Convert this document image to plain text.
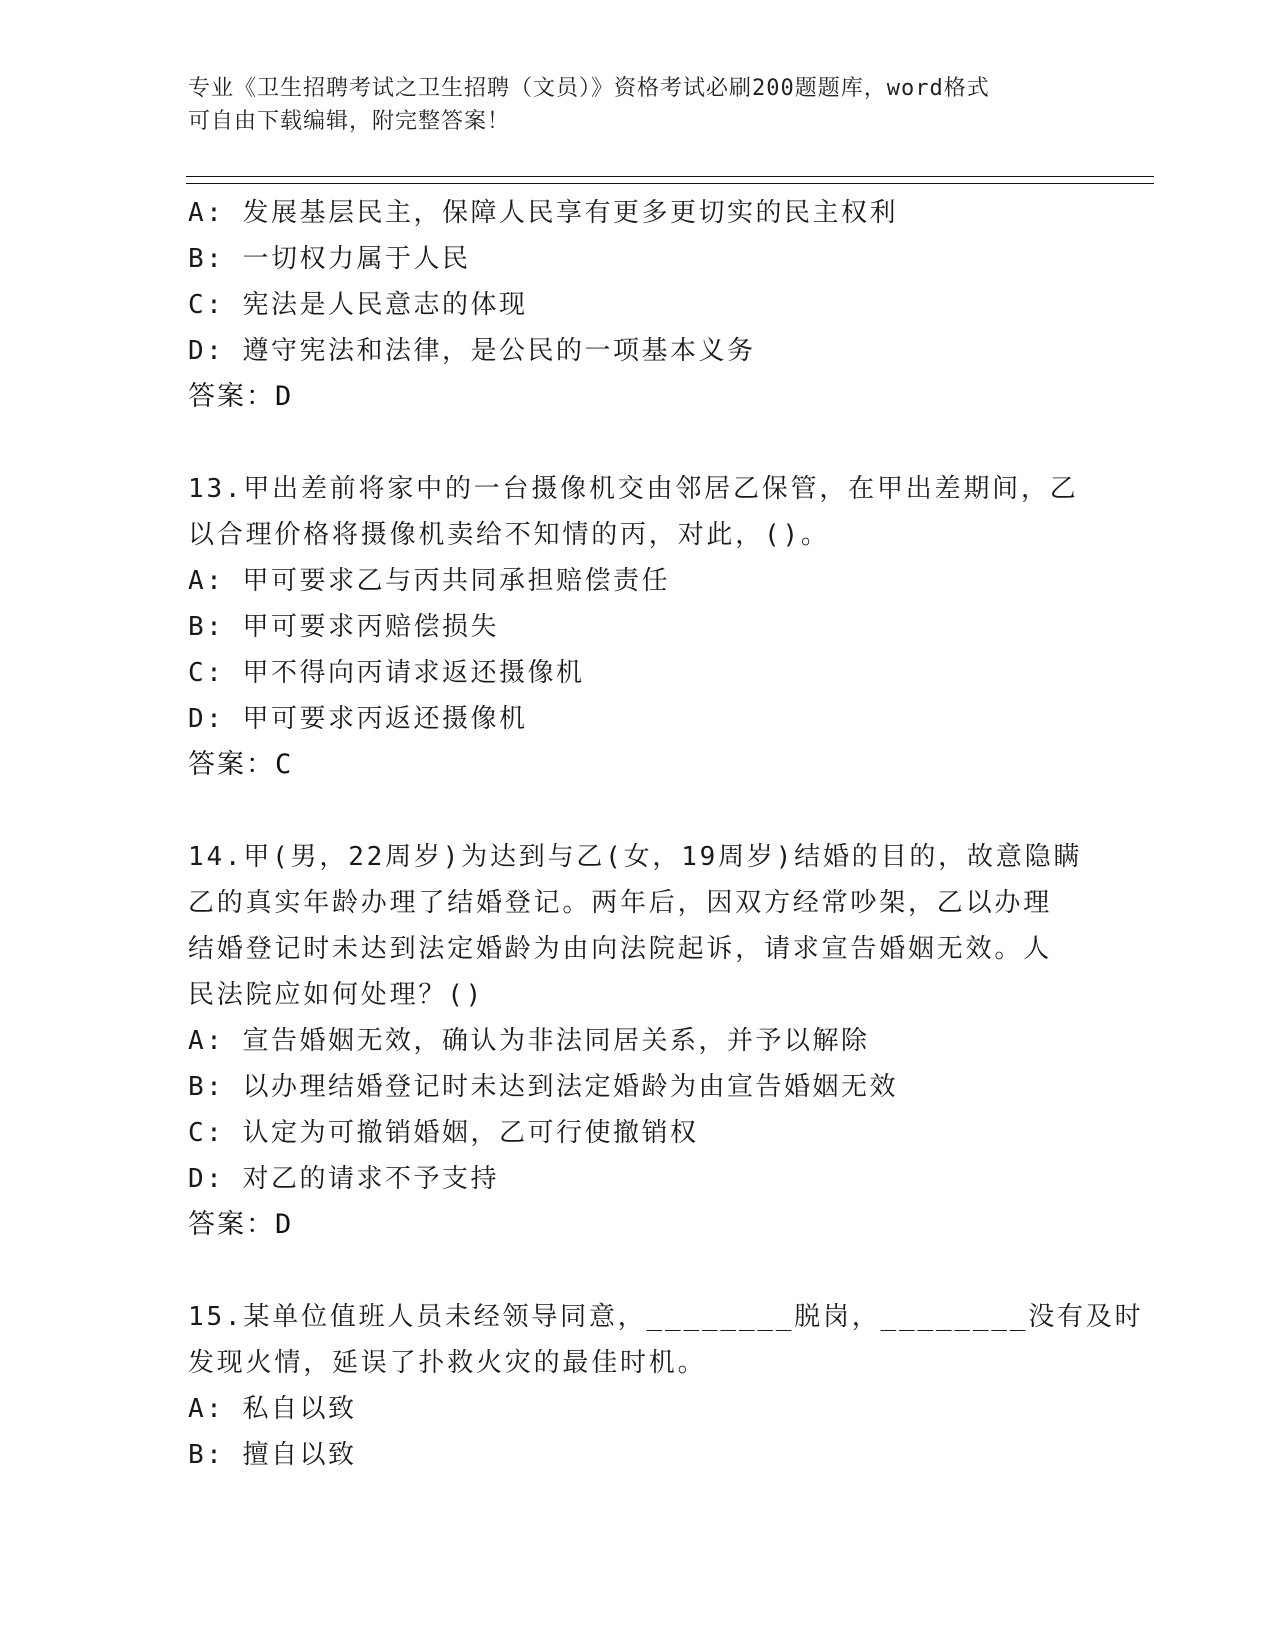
专业《卫生招聘考试之卫生招聘（文员）》资格考试必刷200题题库，word格式
可自由下载编辑，附完整答案！
A: 发展基层民主，保障人民享有更多更切实的民主权利
B: 一切权力属于人民
C: 宪法是人民意志的体现
D: 遵守宪法和法律，是公民的一项基本义务
答案：D
13.甲出差前将家中的一台摄像机交由邻居乙保管，在甲出差期间，乙
以合理价格将摄像机卖给不知情的丙，对此，()。
A: 甲可要求乙与丙共同承担赔偿责任
B: 甲可要求丙赔偿损失
C: 甲不得向丙请求返还摄像机
D: 甲可要求丙返还摄像机
答案：C
14.甲(男，22周岁)为达到与乙(女，19周岁)结婚的目的，故意隐瞒
乙的真实年龄办理了结婚登记。两年后，因双方经常吵架，乙以办理
结婚登记时未达到法定婚龄为由向法院起诉，请求宣告婚姻无效。人
民法院应如何处理？()
A: 宣告婚姻无效，确认为非法同居关系，并予以解除
B: 以办理结婚登记时未达到法定婚龄为由宣告婚姻无效
C: 认定为可撤销婚姻，乙可行使撤销权
D: 对乙的请求不予支持
答案：D
15.某单位值班人员未经领导同意，________脱岗，________没有及时
发现火情，延误了扑救火灾的最佳时机。
A: 私自以致
B: 擅自以致
